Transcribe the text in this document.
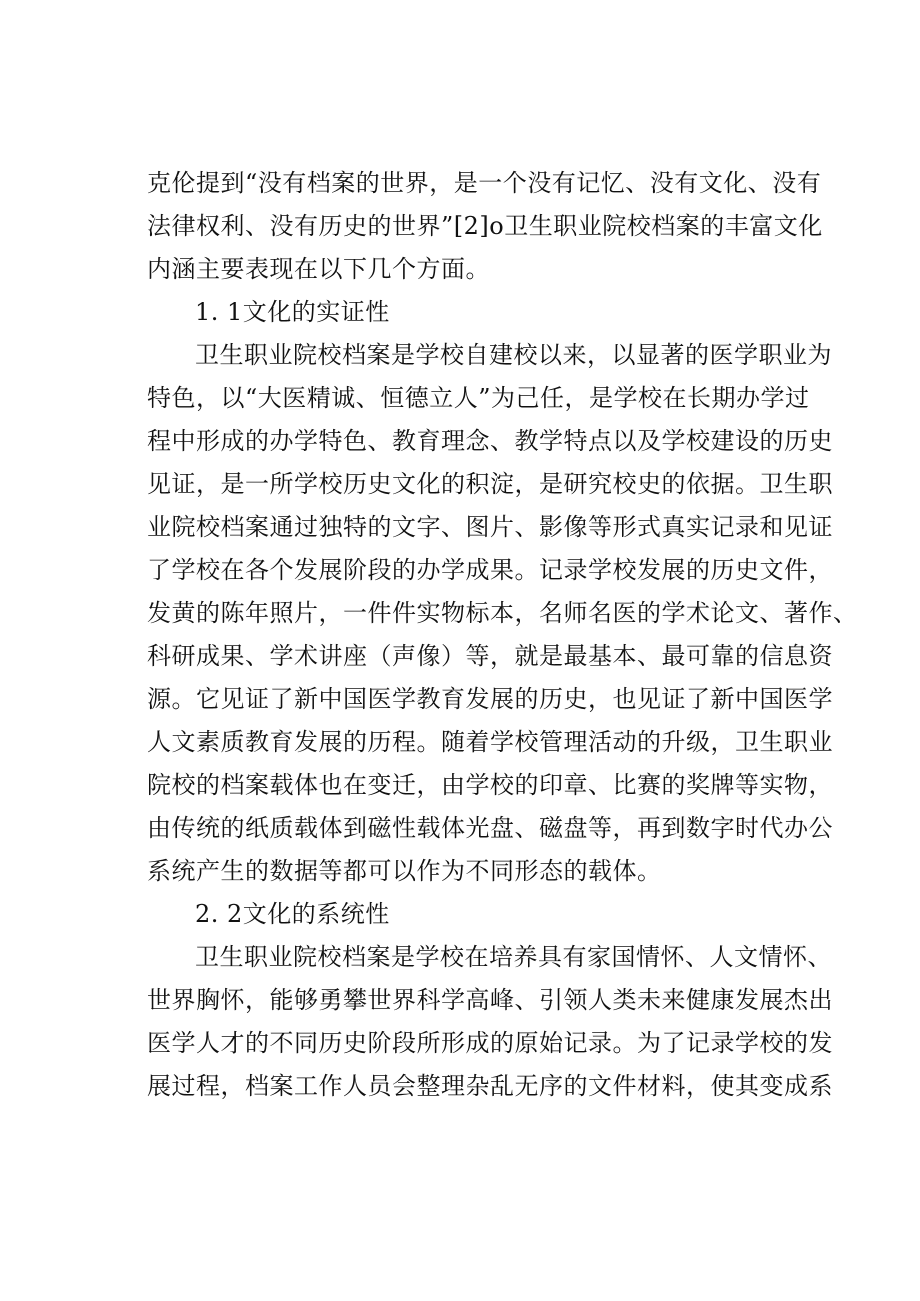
克伦提到“没有档案的世界，是一个没有记忆、没有文化、没有
法律权利、没有历史的世界”[2]o卫生职业院校档案的丰富文化
内涵主要表现在以下几个方面。
1. 1文化的实证性
卫生职业院校档案是学校自建校以来，以显著的医学职业为
特色，以“大医精诚、恒德立人”为己任，是学校在长期办学过
程中形成的办学特色、教育理念、教学特点以及学校建设的历史
见证，是一所学校历史文化的积淀，是研究校史的依据。卫生职
业院校档案通过独特的文字、图片、影像等形式真实记录和见证
了学校在各个发展阶段的办学成果。记录学校发展的历史文件，
发黄的陈年照片，一件件实物标本，名师名医的学术论文、著作、
科研成果、学术讲座（声像）等，就是最基本、最可靠的信息资
源。它见证了新中国医学教育发展的历史，也见证了新中国医学
人文素质教育发展的历程。随着学校管理活动的升级，卫生职业
院校的档案载体也在变迁，由学校的印章、比赛的奖牌等实物，
由传统的纸质载体到磁性载体光盘、磁盘等，再到数字时代办公
系统产生的数据等都可以作为不同形态的载体。
2. 2文化的系统性
卫生职业院校档案是学校在培养具有家国情怀、人文情怀、
世界胸怀，能够勇攀世界科学高峰、引领人类未来健康发展杰出
医学人才的不同历史阶段所形成的原始记录。为了记录学校的发
展过程，档案工作人员会整理杂乱无序的文件材料，使其变成系
